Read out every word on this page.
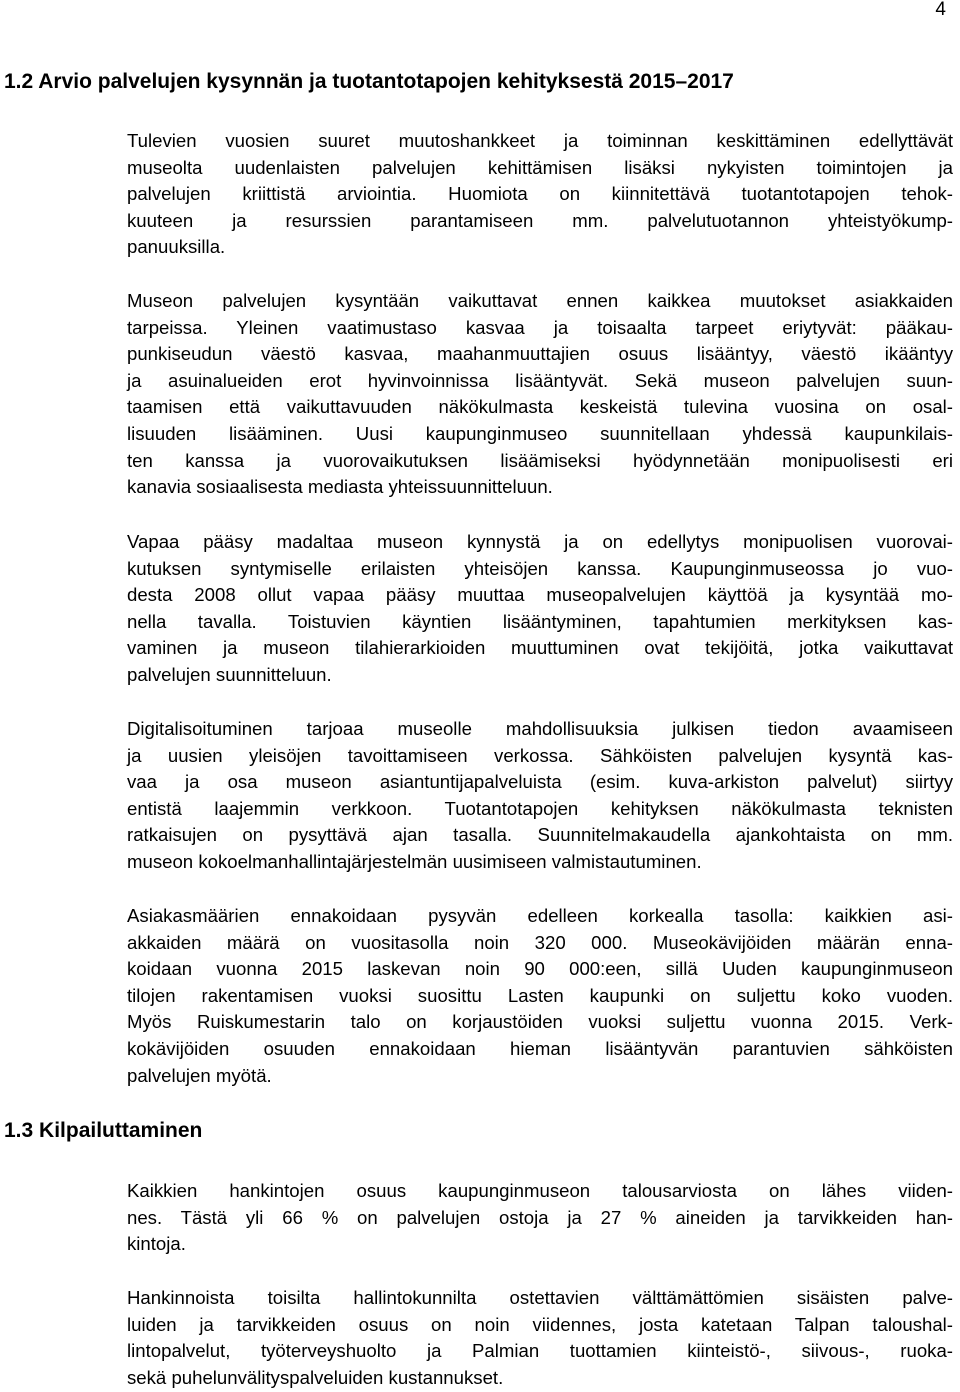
4
1.2 Arvio palvelujen kysynnän ja tuotantotapojen kehityksestä 2015–2017
Tulevien vuosien suuret muutoshankkeet ja toiminnan keskittäminen edellyttävät
museolta uudenlaisten palvelujen kehittämisen lisäksi nykyisten toimintojen ja
palvelujen kriittistä arviointia. Huomiota on kiinnitettävä tuotantotapojen tehok-
kuuteen ja resurssien parantamiseen mm. palvelutuotannon yhteistyökump-
panuuksilla.
Museon palvelujen kysyntään vaikuttavat ennen kaikkea muutokset asiakkaiden
tarpeissa. Yleinen vaatimustaso kasvaa ja toisaalta tarpeet eriytyvät: pääkau-
punkiseudun väestö kasvaa, maahanmuuttajien osuus lisääntyy, väestö ikääntyy
ja asuinalueiden erot hyvinvoinnissa lisääntyvät. Sekä museon palvelujen suun-
taamisen että vaikuttavuuden näkökulmasta keskeistä tulevina vuosina on osal-
lisuuden lisääminen. Uusi kaupunginmuseo suunnitellaan yhdessä kaupunkilais-
ten kanssa ja vuorovaikutuksen lisäämiseksi hyödynnetään monipuolisesti eri
kanavia sosiaalisesta mediasta yhteissuunnitteluun.
Vapaa pääsy madaltaa museon kynnystä ja on edellytys monipuolisen vuorovai-
kutuksen syntymiselle erilaisten yhteisöjen kanssa. Kaupunginmuseossa jo vuo-
desta 2008 ollut vapaa pääsy muuttaa museopalvelujen käyttöä ja kysyntää mo-
nella tavalla. Toistuvien käyntien lisääntyminen, tapahtumien merkityksen kas-
vaminen ja museon tilahierarkioiden muuttuminen ovat tekijöitä, jotka vaikuttavat
palvelujen suunnitteluun.
Digitalisoituminen tarjoaa museolle mahdollisuuksia julkisen tiedon avaamiseen
ja uusien yleisöjen tavoittamiseen verkossa. Sähköisten palvelujen kysyntä kas-
vaa ja osa museon asiantuntijapalveluista (esim. kuva-arkiston palvelut) siirtyy
entistä laajemmin verkkoon. Tuotantotapojen kehityksen näkökulmasta teknisten
ratkaisujen on pysyttävä ajan tasalla. Suunnitelmakaudella ajankohtaista on mm.
museon kokoelmanhallintajärjestelmän uusimiseen valmistautuminen.
Asiakasmäärien ennakoidaan pysyvän edelleen korkealla tasolla: kaikkien asi-
akkaiden määrä on vuositasolla noin 320 000. Museokävijöiden määrän enna-
koidaan vuonna 2015 laskevan noin 90 000:een, sillä Uuden kaupunginmuseon
tilojen rakentamisen vuoksi suosittu Lasten kaupunki on suljettu koko vuoden.
Myös Ruiskumestarin talo on korjaustöiden vuoksi suljettu vuonna 2015. Verk-
kokävijöiden osuuden ennakoidaan hieman lisääntyvän parantuvien sähköisten
palvelujen myötä.
1.3 Kilpailuttaminen
Kaikkien hankintojen osuus kaupunginmuseon talousarviosta on lähes viiden-
nes. Tästä yli 66 % on palvelujen ostoja ja 27 % aineiden ja tarvikkeiden han-
kintoja.
Hankinnoista toisilta hallintokunnilta ostettavien välttämättömien sisäisten palve-
luiden ja tarvikkeiden osuus on noin viidennes, josta katetaan Talpan taloushal-
lintopalvelut, työterveyshuolto ja Palmian tuottamien kiinteistö-, siivous-, ruoka-
sekä puhelunvälityspalveluiden kustannukset.
